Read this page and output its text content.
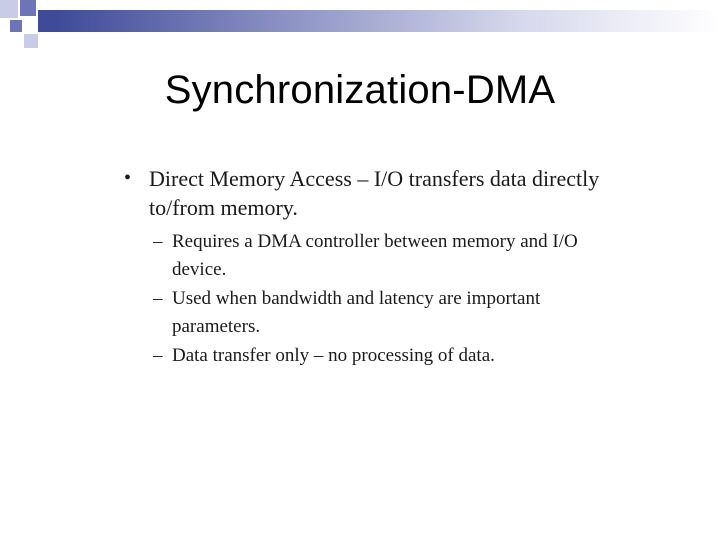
Synchronization-DMA
• Direct Memory Access – I/O transfers data directly to/from memory.
– Requires a DMA controller between memory and I/O device.
– Used when bandwidth and latency are important parameters.
– Data transfer only – no processing of data.
